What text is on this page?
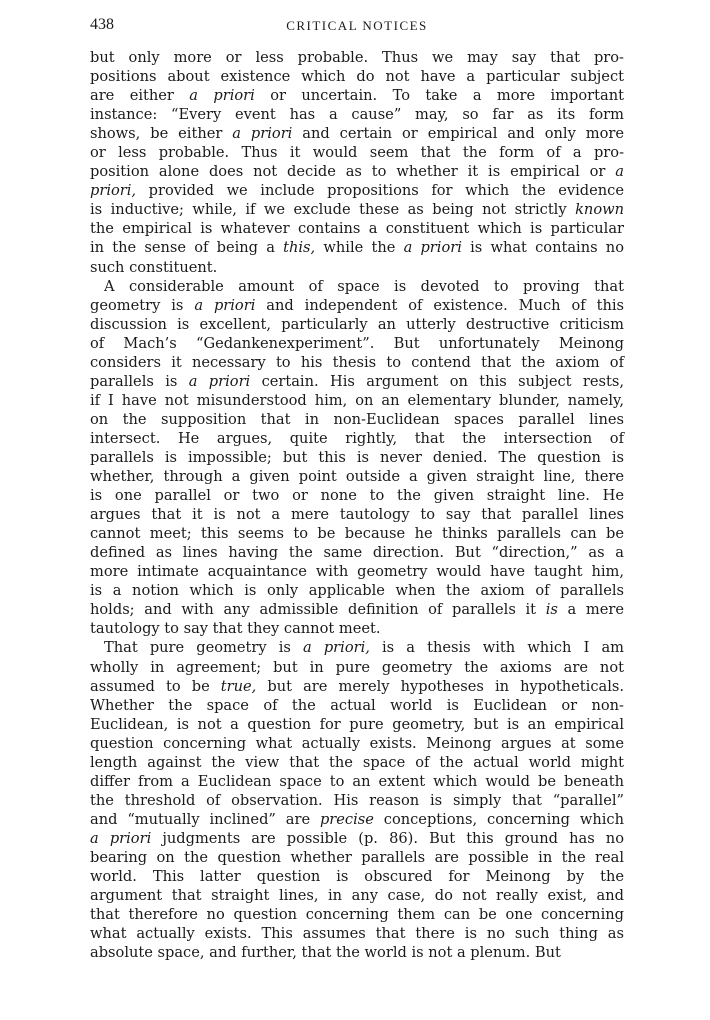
438	CRITICAL NOTICES
but only more or less probable. Thus we may say that pro-
positions about existence which do not have a particular subject
are either a priori or uncertain. To take a more important
instance: “Every event has a cause” may, so far as its form
shows, be either a priori and certain or empirical and only more
or less probable. Thus it would seem that the form of a pro-
position alone does not decide as to whether it is empirical or a
priori, provided we include propositions for which the evidence
is inductive; while, if we exclude these as being not strictly known
the empirical is whatever contains a constituent which is particular
in the sense of being a this, while the a priori is what contains no
such constituent.
A considerable amount of space is devoted to proving that
geometry is a priori and independent of existence. Much of this
discussion is excellent, particularly an utterly destructive criticism
of Mach’s “Gedankenexperiment”. But unfortunately Meinong
considers it necessary to his thesis to contend that the axiom of
parallels is a priori certain. His argument on this subject rests,
if I have not misunderstood him, on an elementary blunder, namely,
on the supposition that in non-Euclidean spaces parallel lines
intersect. He argues, quite rightly, that the intersection of
parallels is impossible; but this is never denied. The question is
whether, through a given point outside a given straight line, there
is one parallel or two or none to the given straight line. He
argues that it is not a mere tautology to say that parallel lines
cannot meet; this seems to be because he thinks parallels can be
defined as lines having the same direction. But “direction,” as a
more intimate acquaintance with geometry would have taught him,
is a notion which is only applicable when the axiom of parallels
holds; and with any admissible definition of parallels it is a mere
tautology to say that they cannot meet.
That pure geometry is a priori, is a thesis with which I am
wholly in agreement; but in pure geometry the axioms are not
assumed to be true, but are merely hypotheses in hypotheticals.
Whether the space of the actual world is Euclidean or non-
Euclidean, is not a question for pure geometry, but is an empirical
question concerning what actually exists. Meinong argues at some
length against the view that the space of the actual world might
differ from a Euclidean space to an extent which would be beneath
the threshold of observation. His reason is simply that “parallel”
and “mutually inclined” are precise conceptions, concerning which
a priori judgments are possible (p. 86). But this ground has no
bearing on the question whether parallels are possible in the real
world. This latter question is obscured for Meinong by the
argument that straight lines, in any case, do not really exist, and
that therefore no question concerning them can be one concerning
what actually exists. This assumes that there is no such thing as
absolute space, and further, that the world is not a plenum. But
